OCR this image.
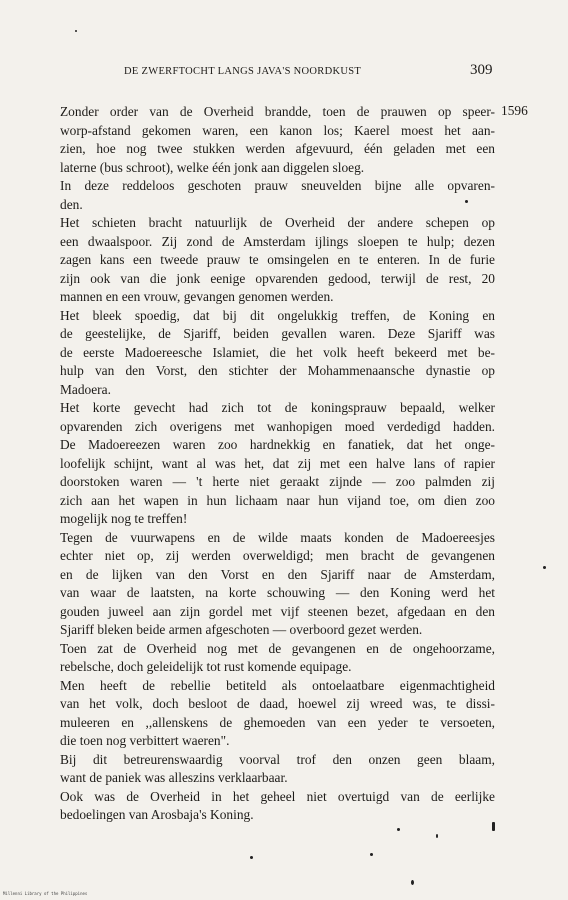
DE ZWERFTOCHT LANGS JAVA'S NOORDKUST	309
1596
Zonder order van de Overheid brandde, toen de prauwen op speer-
worp-afstand gekomen waren, een kanon los; Kaerel moest het aan-
zien, hoe nog twee stukken werden afgevuurd, één geladen met een
laterne (bus schroot), welke één jonk aan diggelen sloeg.
In deze reddeloos geschoten prauw sneuvelden bijne alle opvaren-
den.
Het schieten bracht natuurlijk de Overheid der andere schepen op
een dwaalspoor. Zij zond de Amsterdam ijlings sloepen te hulp; dezen
zagen kans een tweede prauw te omsingelen en te enteren. In de furie
zijn ook van die jonk eenige opvarenden gedood, terwijl de rest, 20
mannen en een vrouw, gevangen genomen werden.
Het bleek spoedig, dat bij dit ongelukkig treffen, de Koning en
de geestelijke, de Sjariff, beiden gevallen waren. Deze Sjariff was
de eerste Madoereesche Islamiet, die het volk heeft bekeerd met be-
hulp van den Vorst, den stichter der Mohammenaansche dynastie op
Madoera.
Het korte gevecht had zich tot de koningsprauw bepaald, welker
opvarenden zich overigens met wanhopigen moed verdedigd hadden.
De Madoereezen waren zoo hardnekkig en fanatiek, dat het onge-
loofelijk schijnt, want al was het, dat zij met een halve lans of rapier
doorstoken waren — 't herte niet geraakt zijnde — zoo palmden zij
zich aan het wapen in hun lichaam naar hun vijand toe, om dien zoo
mogelijk nog te treffen!
Tegen de vuurwapens en de wilde maats konden de Madoereesjes
echter niet op, zij werden overweldigd; men bracht de gevangenen
en de lijken van den Vorst en den Sjariff naar de Amsterdam,
van waar de laatsten, na korte schouwing — den Koning werd het
gouden juweel aan zijn gordel met vijf steenen bezet, afgedaan en den
Sjariff bleken beide armen afgeschoten — overboord gezet werden.
Toen zat de Overheid nog met de gevangenen en de ongehoorzame,
rebelsche, doch geleidelijk tot rust komende equipage.
Men heeft de rebellie betiteld als ontoelaatbare eigenmachtigheid
van het volk, doch besloot de daad, hoewel zij wreed was, te dissi-
muleeren en ,,allenskens de ghemoeden van een yeder te versoeten,
die toen nog verbittert waeren".
Bij dit betreurenswaardig voorval trof den onzen geen blaam,
want de paniek was alleszins verklaarbaar.
Ook was de Overheid in het geheel niet overtuigd van de eerlijke
bedoelingen van Arosbaja's Koning.
Millenni Library of the Philippines
